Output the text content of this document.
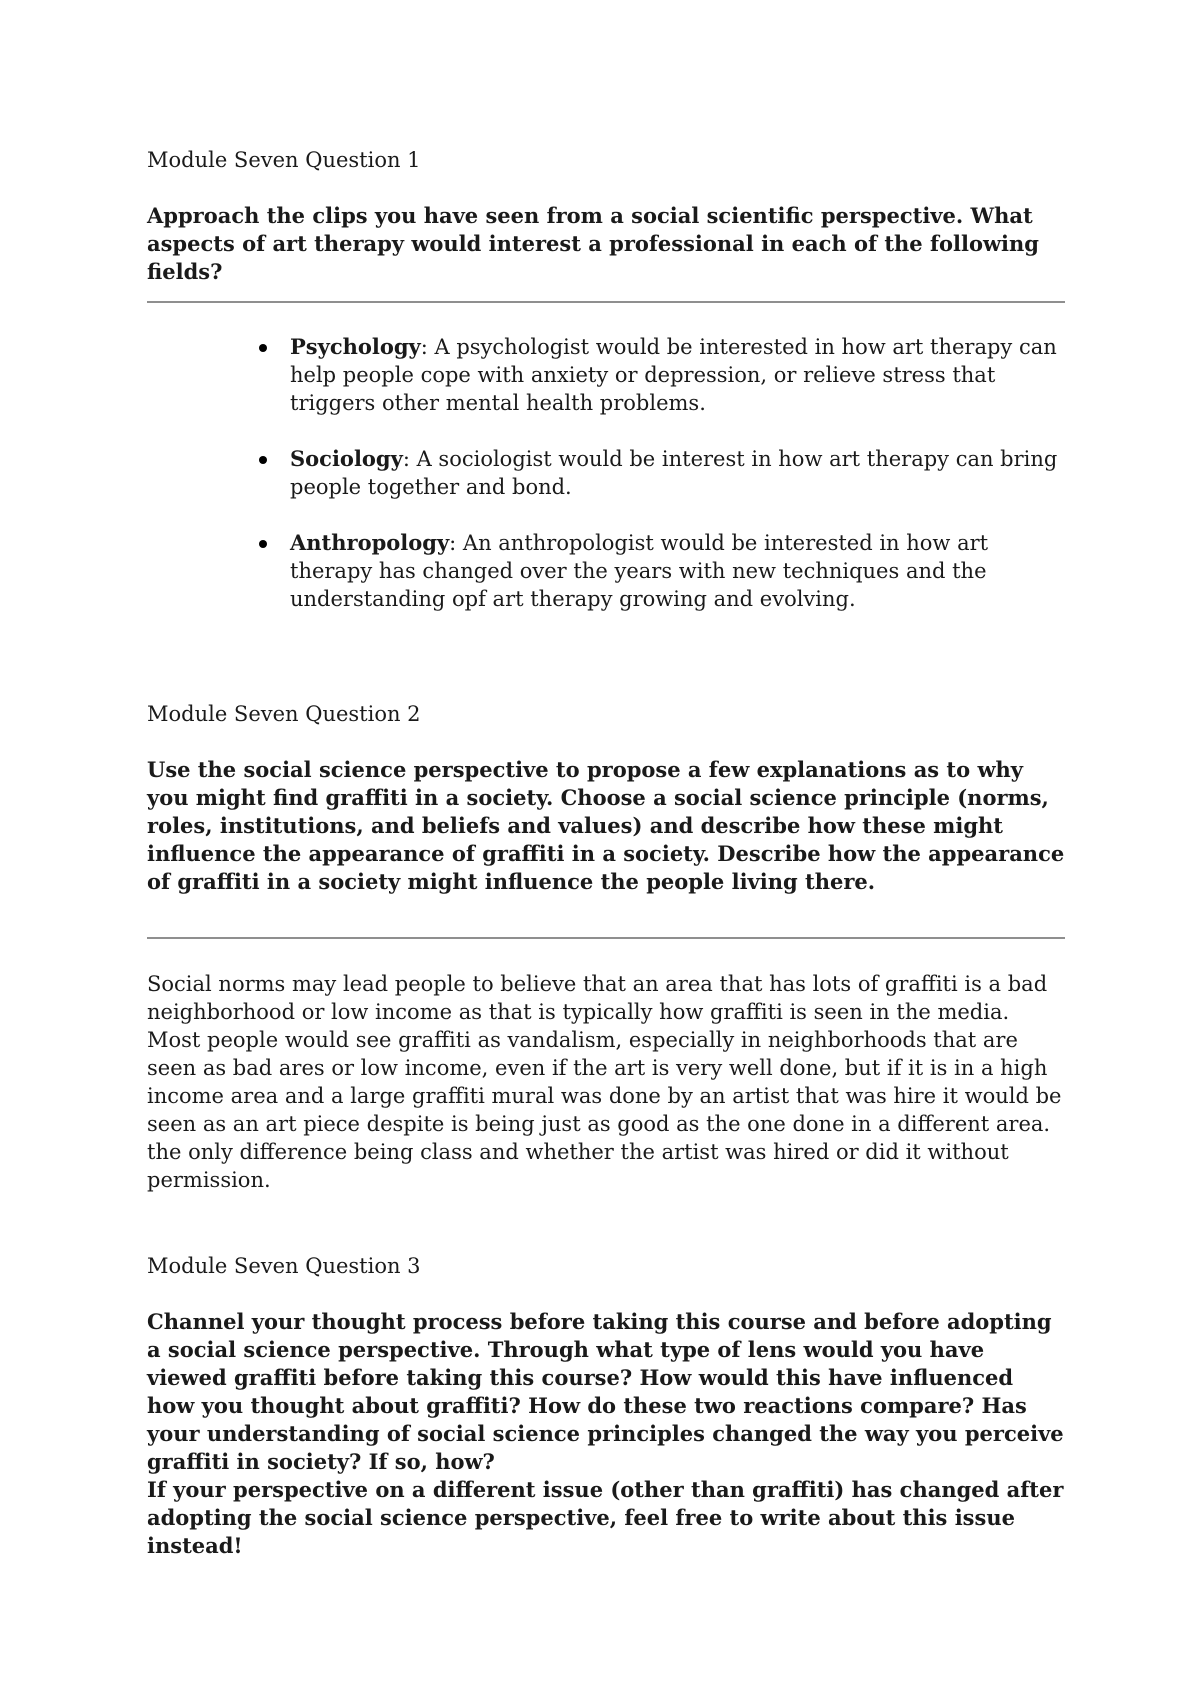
Module Seven Question 1

Approach the clips you have seen from a social scientific perspective. What aspects of art therapy would interest a professional in each of the following fields?

Psychology: A psychologist would be interested in how art therapy can help people cope with anxiety or depression, or relieve stress that triggers other mental health problems.
Sociology: A sociologist would be interest in how art therapy can bring people together and bond.
Anthropology: An anthropologist would be interested in how art therapy has changed over the years with new techniques and the understanding opf art therapy growing and evolving.

Module Seven Question 2

Use the social science perspective to propose a few explanations as to why you might find graffiti in a society. Choose a social science principle (norms, roles, institutions, and beliefs and values) and describe how these might influence the appearance of graffiti in a society. Describe how the appearance of graffiti in a society might influence the people living there.

Social norms may lead people to believe that an area that has lots of graffiti is a bad neighborhood or low income as that is typically how graffiti is seen in the media. Most people would see graffiti as vandalism, especially in neighborhoods that are seen as bad ares or low income, even if the art is very well done, but if it is in a high income area and a large graffiti mural was done by an artist that was hire it would be seen as an art piece despite is being just as good as the one done in a different area. the only difference being class and whether the artist was hired or did it without permission.

Module Seven Question 3

Channel your thought process before taking this course and before adopting a social science perspective. Through what type of lens would you have viewed graffiti before taking this course? How would this have influenced how you thought about graffiti? How do these two reactions compare? Has your understanding of social science principles changed the way you perceive graffiti in society? If so, how?

If your perspective on a different issue (other than graffiti) has changed after adopting the social science perspective, feel free to write about this issue instead!
